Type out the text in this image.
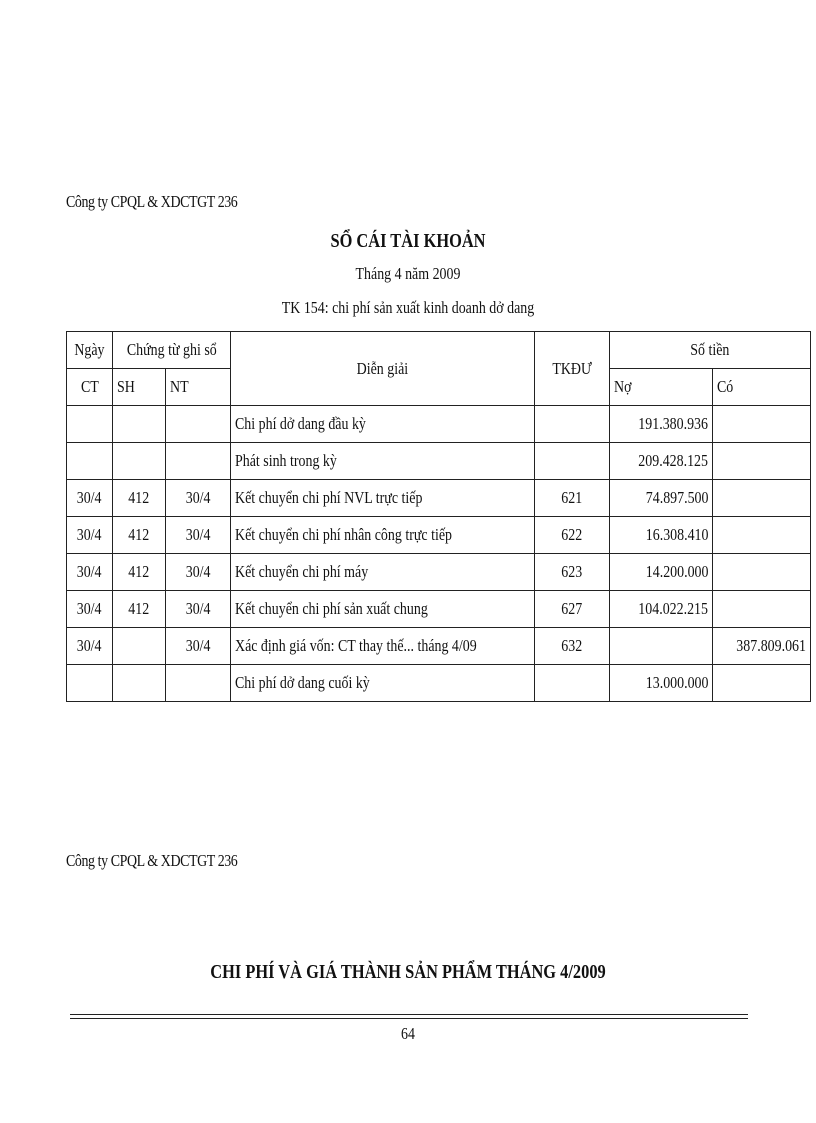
Công ty CPQL & XDCTGT 236
SỔ CÁI TÀI KHOẢN
Tháng 4 năm 2009
TK 154: chi phí sản xuất kinh doanh dở dang
Ngày	Chứng từ ghi sổ		Diễn giải	TKĐƯ	Số tiền	
CT	SH	NT			Nợ	Có
			Chi phí dở dang đầu kỳ		191.380.936	
			Phát sinh trong kỳ		209.428.125	
30/4	412	30/4	Kết chuyển chi phí NVL trực tiếp	621	74.897.500	
30/4	412	30/4	Kết chuyển chi phí nhân công trực tiếp	622	16.308.410	
30/4	412	30/4	Kết chuyển chi phí máy	623	14.200.000	
30/4	412	30/4	Kết chuyển chi phí sản xuất chung	627	104.022.215	
30/4		30/4	Xác định giá vốn: CT thay thế... tháng 4/09	632		387.809.061
			Chi phí dở dang cuối kỳ		13.000.000	
Công ty CPQL & XDCTGT 236
CHI PHÍ VÀ GIÁ THÀNH SẢN PHẨM THÁNG 4/2009
64
